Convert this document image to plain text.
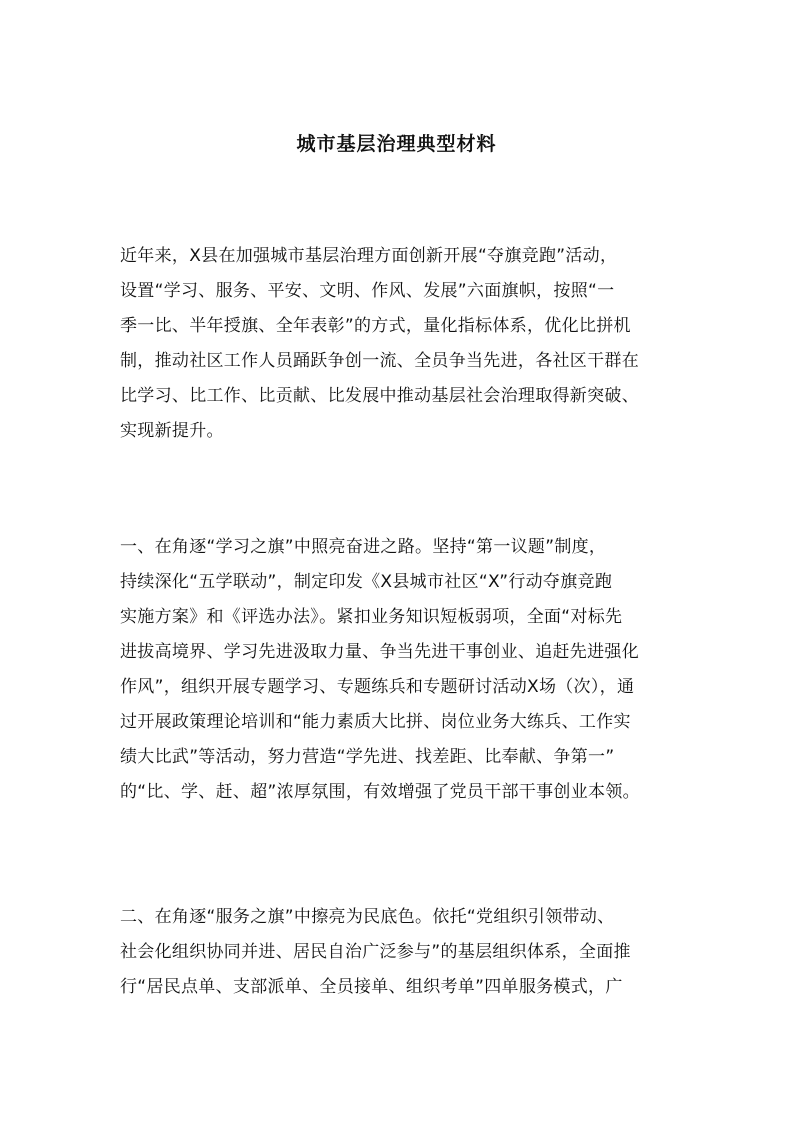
城市基层治理典型材料
近年来，X县在加强城市基层治理方面创新开展“夺旗竞跑”活动，
设置“学习、服务、平安、文明、作风、发展”六面旗帜，按照“一
季一比、半年授旗、全年表彰”的方式，量化指标体系，优化比拼机
制，推动社区工作人员踊跃争创一流、全员争当先进，各社区干群在
比学习、比工作、比贡献、比发展中推动基层社会治理取得新突破、
实现新提升。
一、在角逐“学习之旗”中照亮奋进之路。坚持“第一议题”制度，
持续深化“五学联动”，制定印发《X县城市社区“X”行动夺旗竞跑
实施方案》和《评选办法》。紧扣业务知识短板弱项，全面“对标先
进拔高境界、学习先进汲取力量、争当先进干事创业、追赶先进强化
作风”，组织开展专题学习、专题练兵和专题研讨活动X场（次），通
过开展政策理论培训和“能力素质大比拼、岗位业务大练兵、工作实
绩大比武”等活动，努力营造“学先进、找差距、比奉献、争第一”
的“比、学、赶、超”浓厚氛围，有效增强了党员干部干事创业本领。
二、在角逐“服务之旗”中擦亮为民底色。依托“党组织引领带动、
社会化组织协同并进、居民自治广泛参与”的基层组织体系，全面推
行“居民点单、支部派单、全员接单、组织考单”四单服务模式，广
